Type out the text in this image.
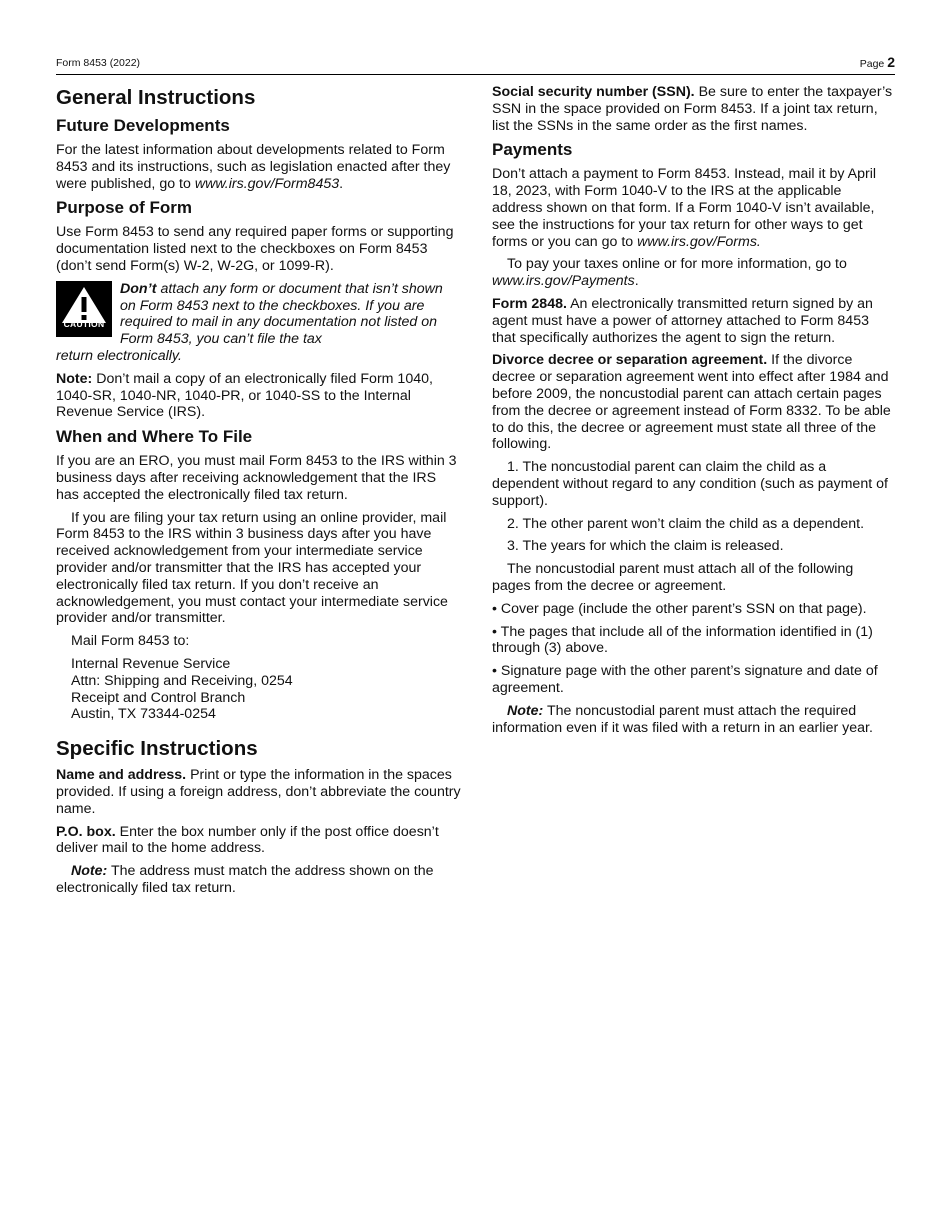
Form 8453 (2022)	Page 2
General Instructions
Future Developments

For the latest information about developments related to Form 8453 and its instructions, such as legislation enacted after they were published, go to www.irs.gov/Form8453.

Purpose of Form

Use Form 8453 to send any required paper forms or supporting documentation listed next to the checkboxes on Form 8453 (don’t send Form(s) W-2, W-2G, or 1099-R).

CAUTION
Don’t attach any form or document that isn’t shown on Form 8453 next to the checkboxes. If you are required to mail in any documentation not listed on Form 8453, you can’t file the tax

return electronically.

Note: Don’t mail a copy of an electronically filed Form 1040, 1040-SR, 1040-NR, 1040-PR, or 1040-SS to the Internal Revenue Service (IRS).

When and Where To File

If you are an ERO, you must mail Form 8453 to the IRS within 3 business days after receiving acknowledgement that the IRS has accepted the electronically filed tax return.

If you are filing your tax return using an online provider, mail Form 8453 to the IRS within 3 business days after you have received acknowledgement from your intermediate service provider and/or transmitter that the IRS has accepted your electronically filed tax return. If you don’t receive an acknowledgement, you must contact your intermediate service provider and/or transmitter.

Mail Form 8453 to:

Internal Revenue Service
Attn: Shipping and Receiving, 0254
Receipt and Control Branch
Austin, TX 73344-0254
Specific Instructions

Name and address. Print or type the information in the spaces provided. If using a foreign address, don’t abbreviate the country name.

P.O. box. Enter the box number only if the post office doesn’t deliver mail to the home address.

Note: The address must match the address shown on the electronically filed tax return.

Social security number (SSN). Be sure to enter the taxpayer’s SSN in the space provided on Form 8453. If a joint tax return, list the SSNs in the same order as the first names.

Payments

Don’t attach a payment to Form 8453. Instead, mail it by April 18, 2023, with Form 1040-V to the IRS at the applicable address shown on that form. If a Form 1040-V isn’t available, see the instructions for your tax return for other ways to get forms or you can go to www.irs.gov/Forms.

To pay your taxes online or for more information, go to www.irs.gov/Payments.

Form 2848. An electronically transmitted return signed by an agent must have a power of attorney attached to Form 8453 that specifically authorizes the agent to sign the return.

Divorce decree or separation agreement. If the divorce decree or separation agreement went into effect after 1984 and before 2009, the noncustodial parent can attach certain pages from the decree or agreement instead of Form 8332. To be able to do this, the decree or agreement must state all three of the following.

1. The noncustodial parent can claim the child as a dependent without regard to any condition (such as payment of support).

2. The other parent won’t claim the child as a dependent.

3. The years for which the claim is released.

The noncustodial parent must attach all of the following pages from the decree or agreement.

• Cover page (include the other parent’s SSN on that page).

• The pages that include all of the information identified in (1) through (3) above.

• Signature page with the other parent’s signature and date of agreement.

Note: The noncustodial parent must attach the required information even if it was filed with a return in an earlier year.
